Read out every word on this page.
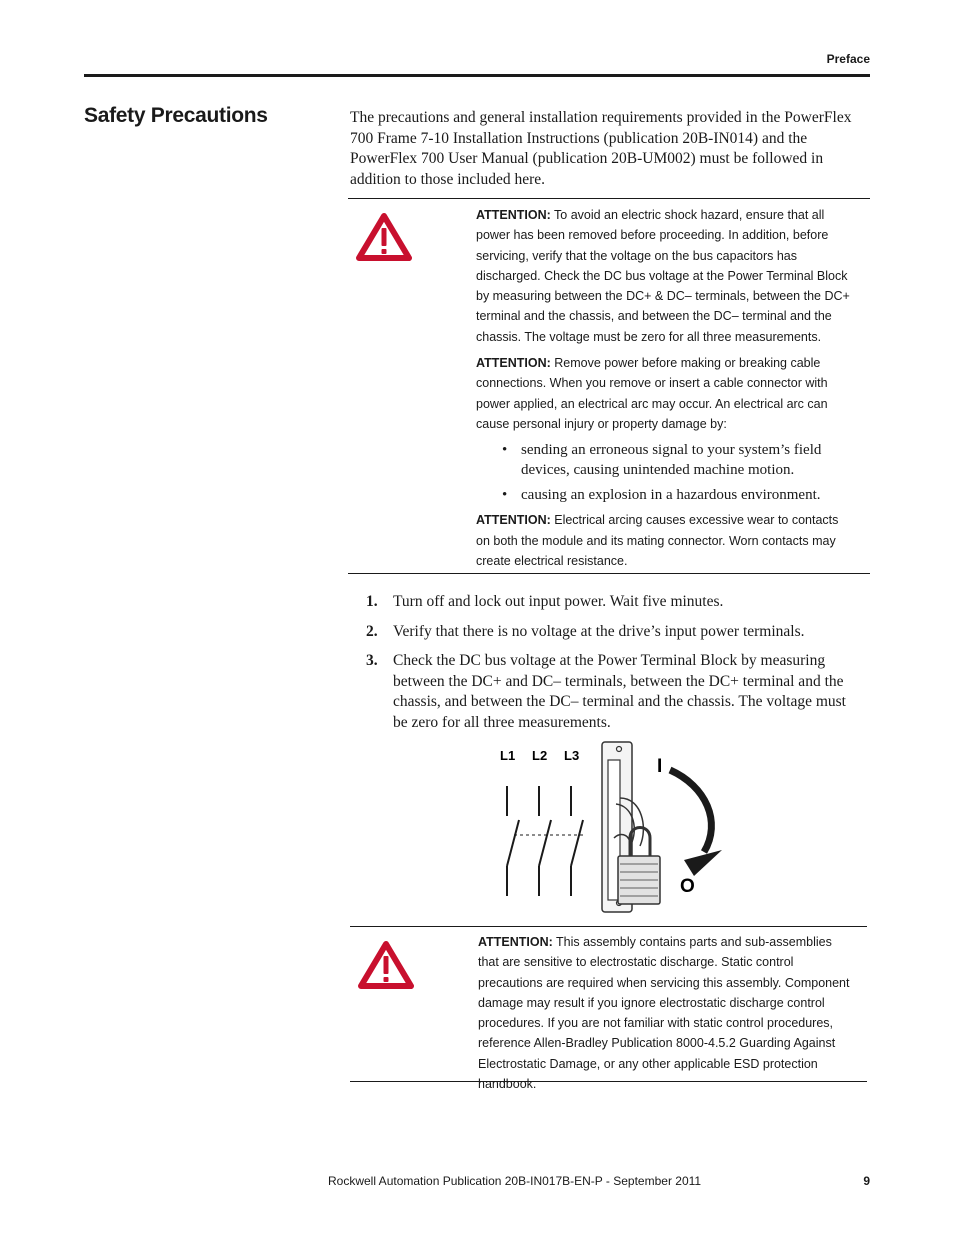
Preface
Safety Precautions	The precautions and general installation requirements provided in the PowerFlex 700 Frame 7-10 Installation Instructions (publication 20B-IN014) and the PowerFlex 700 User Manual (publication 20B-UM002) must be followed in addition to those included here.

ATTENTION: To avoid an electric shock hazard, ensure that all power has been removed before proceeding. In addition, before servicing, verify that the voltage on the bus capacitors has discharged. Check the DC bus voltage at the Power Terminal Block by measuring between the DC+ & DC– terminals, between the DC+ terminal and the chassis, and between the DC– terminal and the chassis. The voltage must be zero for all three measurements.

ATTENTION: Remove power before making or breaking cable connections. When you remove or insert a cable connector with power applied, an electrical arc may occur. An electrical arc can cause personal injury or property damage by:

• sending an erroneous signal to your system’s field devices, causing unintended machine motion.
• causing an explosion in a hazardous environment.

ATTENTION: Electrical arcing causes excessive wear to contacts on both the module and its mating connector. Worn contacts may create electrical resistance.

1. Turn off and lock out input power. Wait five minutes.
2. Verify that there is no voltage at the drive’s input power terminals.
3. Check the DC bus voltage at the Power Terminal Block by measuring between the DC+ and DC– terminals, between the DC+ terminal and the chassis, and between the DC– terminal and the chassis. The voltage must be zero for all three measurements.
L1 L2 L3
I
O

ATTENTION: This assembly contains parts and sub-assemblies that are sensitive to electrostatic discharge. Static control precautions are required when servicing this assembly. Component damage may result if you ignore electrostatic discharge control procedures. If you are not familiar with static control procedures, reference Allen-Bradley Publication 8000-4.5.2 Guarding Against Electrostatic Damage, or any other applicable ESD protection handbook.

Rockwell Automation Publication 20B-IN017B-EN-P - September 2011	9
